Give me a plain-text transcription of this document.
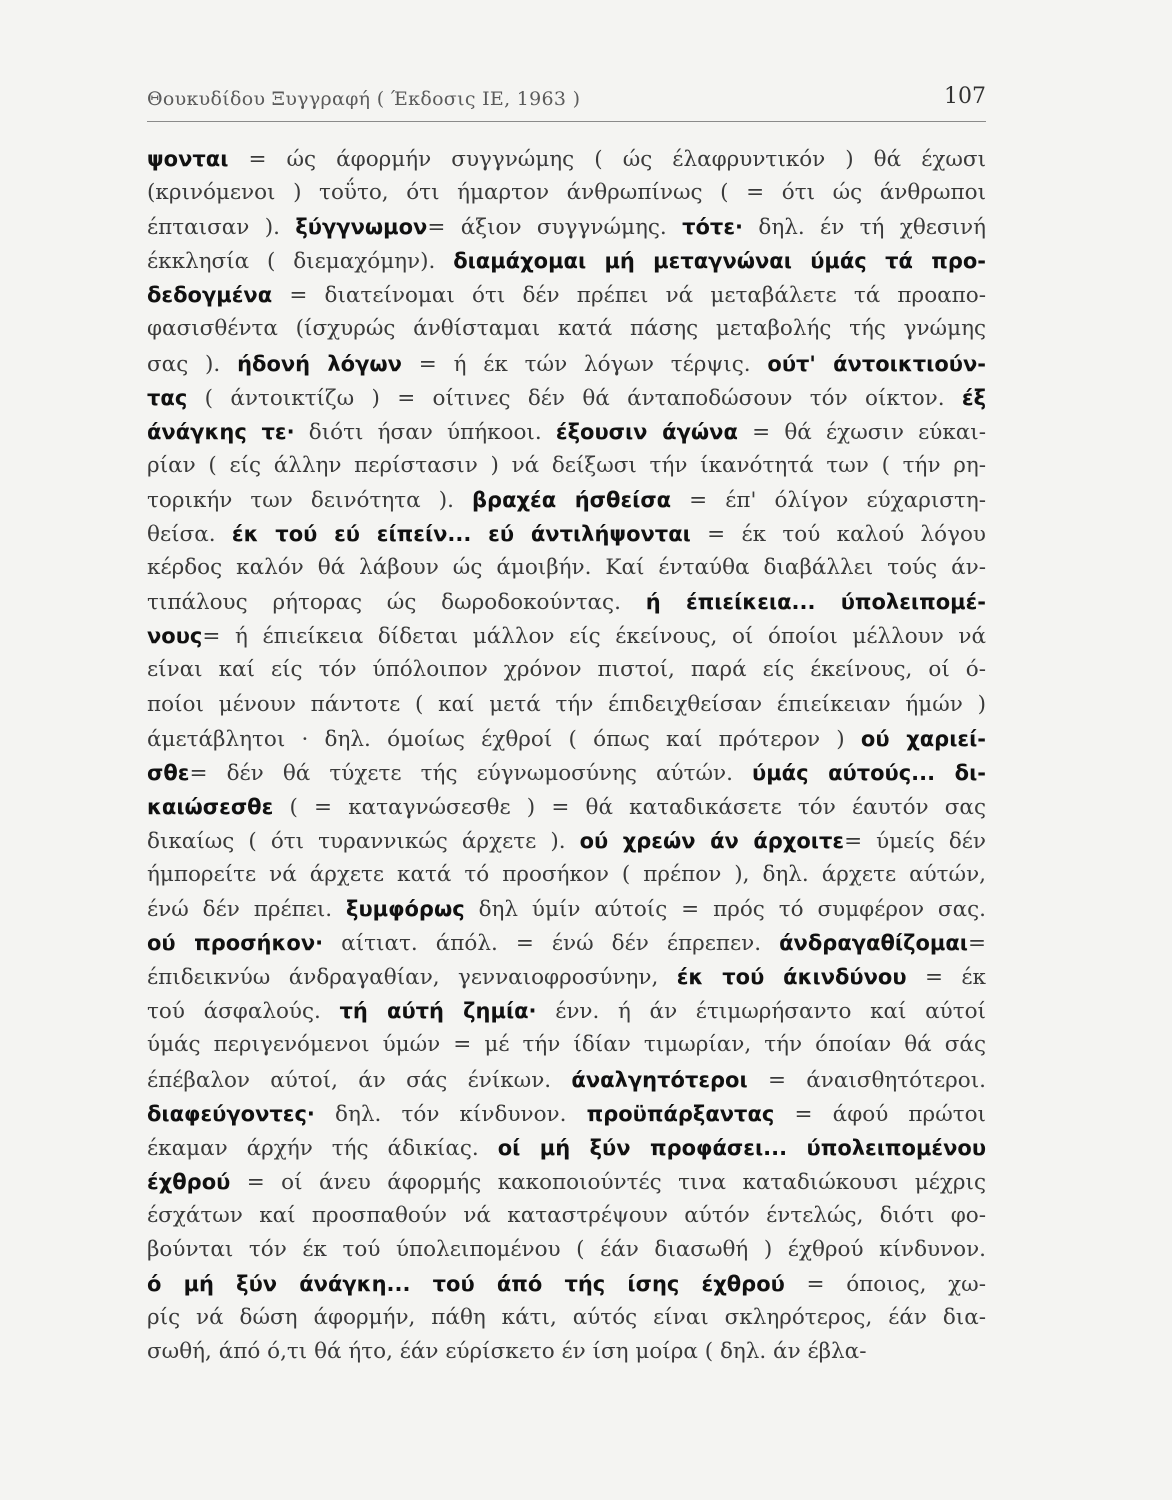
Θουκυδίδου Ξυγγραφή ( Έκδοσις ΙΕ, 1963 )	107
ψονται = ώς άφορμήν συγγνώμης ( ώς έλαφρυντικόν ) θά έχωσι
(κρινόμενοι ) τοΰτο, ότι ήμαρτον άνθρωπίνως ( = ότι ώς άνθρωποι
έπταισαν ). ξύγγνωμον= άξιον συγγνώμης. τότε· δηλ. έν τή χθεσινή
έκκλησία ( διεμαχόμην). διαμάχομαι μή μεταγνώναι ύμάς τά προ-
δεδογμένα = διατείνομαι ότι δέν πρέπει νά μεταβάλετε τά προαπο-
φασισθέντα (ίσχυρώς άνθίσταμαι κατά πάσης μεταβολής τής γνώμης
σας ). ήδονή λόγων = ή έκ τών λόγων τέρψις. ούτ' άντοικτιούν-
τας ( άντοικτίζω ) = οίτινες δέν θά άνταποδώσουν τόν οίκτον. έξ
άνάγκης τε· διότι ήσαν ύπήκοοι. έξουσιν άγώνα = θά έχωσιν εύκαι-
ρίαν ( είς άλλην περίστασιν ) νά δείξωσι τήν ίκανότητά των ( τήν ρη-
τορικήν των δεινότητα ). βραχέα ήσθείσα = έπ' όλίγον εύχαριστη-
θείσα. έκ τού εύ είπείν... εύ άντιλήψονται = έκ τού καλού λόγου
κέρδος καλόν θά λάβουν ώς άμοιβήν. Καί ένταύθα διαβάλλει τούς άν-
τιπάλους ρήτορας ώς δωροδοκούντας. ή έπιείκεια... ύπολειπομέ-
νους= ή έπιείκεια δίδεται μάλλον είς έκείνους, οί όποίοι μέλλουν νά
είναι καί είς τόν ύπόλοιπον χρόνον πιστοί, παρά είς έκείνους, οί ό-
ποίοι μένουν πάντοτε ( καί μετά τήν έπιδειχθείσαν έπιείκειαν ήμών )
άμετάβλητοι · δηλ. όμοίως έχθροί ( όπως καί πρότερον ) ού χαριεί-
σθε= δέν θά τύχετε τής εύγνωμοσύνης αύτών. ύμάς αύτούς... δι-
καιώσεσθε ( = καταγνώσεσθε ) = θά καταδικάσετε τόν έαυτόν σας
δικαίως ( ότι τυραννικώς άρχετε ). ού χρεών άν άρχοιτε= ύμείς δέν
ήμπορείτε νά άρχετε κατά τό προσήκον ( πρέπον ), δηλ. άρχετε αύτών,
ένώ δέν πρέπει. ξυμφόρως δηλ ύμίν αύτοίς = πρός τό συμφέρον σας.
ού προσήκον· αίτιατ. άπόλ. = ένώ δέν έπρεπεν. άνδραγαθίζομαι=
έπιδεικνύω άνδραγαθίαν, γενναιοφροσύνην, έκ τού άκινδύνου = έκ
τού άσφαλούς. τή αύτή ζημία· ένν. ή άν έτιμωρήσαντο καί αύτοί
ύμάς περιγενόμενοι ύμών = μέ τήν ίδίαν τιμωρίαν, τήν όποίαν θά σάς
έπέβαλον αύτοί, άν σάς ένίκων. άναλγητότεροι = άναισθητότεροι.
διαφεύγοντες· δηλ. τόν κίνδυνον. προϋπάρξαντας = άφού πρώτοι
έκαμαν άρχήν τής άδικίας. οί μή ξύν προφάσει... ύπολειπομένου
έχθρού = οί άνευ άφορμής κακοποιούντές τινα καταδιώκουσι μέχρις
έσχάτων καί προσπαθούν νά καταστρέψουν αύτόν έντελώς, διότι φο-
βούνται τόν έκ τού ύπολειπομένου ( έάν διασωθή ) έχθρού κίνδυνον.
ό μή ξύν άνάγκη... τού άπό τής ίσης έχθρού = όποιος, χω-
ρίς νά δώση άφορμήν, πάθη κάτι, αύτός είναι σκληρότερος, έάν δια-
σωθή, άπό ό,τι θά ήτο, έάν εύρίσκετο έν ίση μοίρα ( δηλ. άν έβλα-
